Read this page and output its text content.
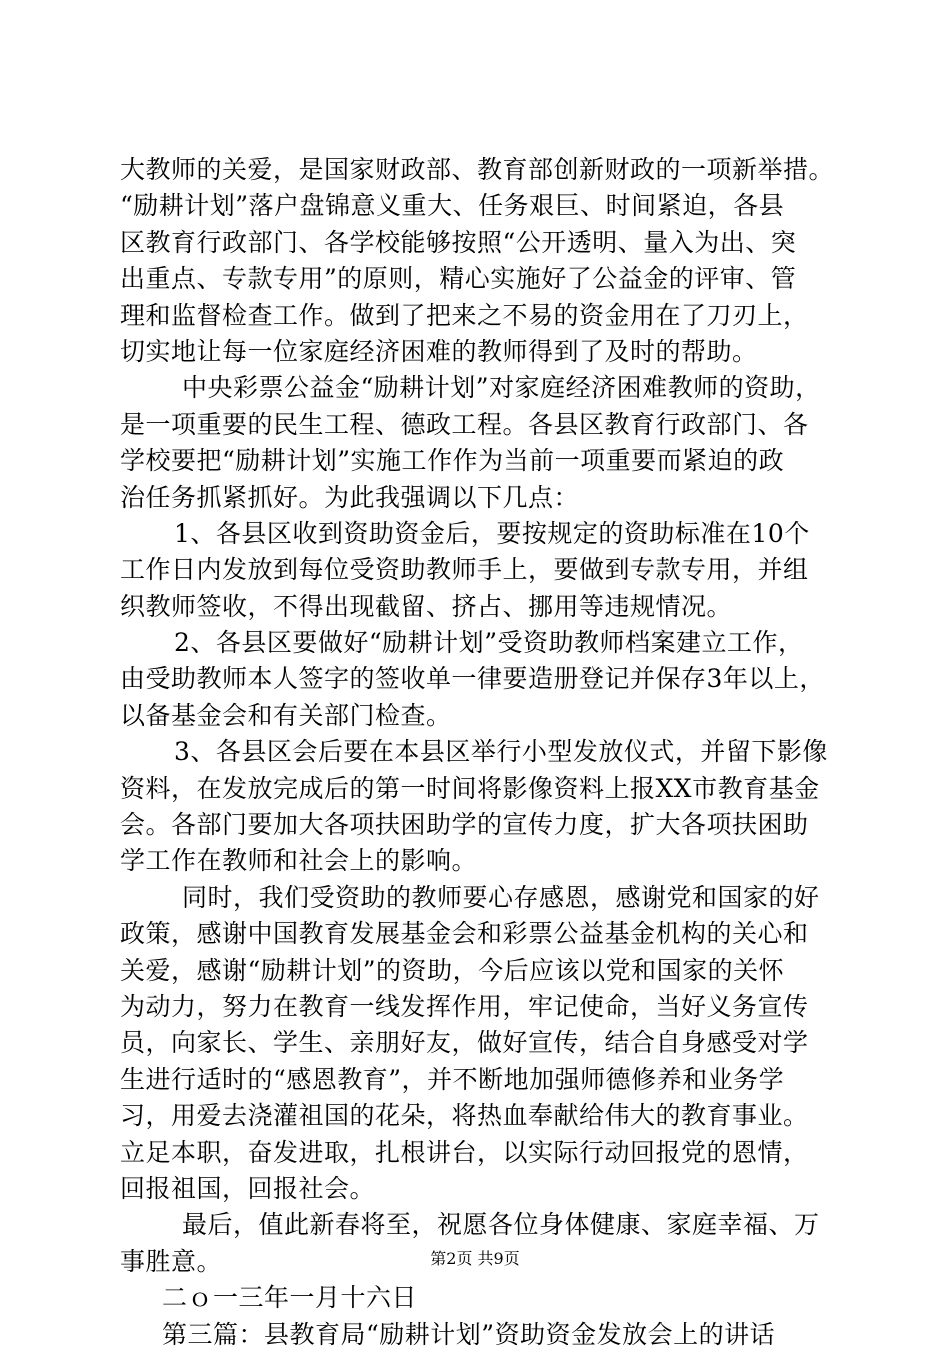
大教师的关爱，是国家财政部、教育部创新财政的一项新举措。
“励耕计划”落户盘锦意义重大、任务艰巨、时间紧迫，各县
区教育行政部门、各学校能够按照“公开透明、量入为出、突
出重点、专款专用”的原则，精心实施好了公益金的评审、管
理和监督检查工作。做到了把来之不易的资金用在了刀刃上，
切实地让每一位家庭经济困难的教师得到了及时的帮助。
中央彩票公益金“励耕计划”对家庭经济困难教师的资助，
是一项重要的民生工程、德政工程。各县区教育行政部门、各
学校要把“励耕计划”实施工作作为当前一项重要而紧迫的政
治任务抓紧抓好。为此我强调以下几点：
1、各县区收到资助资金后，要按规定的资助标准在10个
工作日内发放到每位受资助教师手上，要做到专款专用，并组
织教师签收，不得出现截留、挤占、挪用等违规情况。
2、各县区要做好“励耕计划”受资助教师档案建立工作，
由受助教师本人签字的签收单一律要造册登记并保存3年以上，
以备基金会和有关部门检查。
3、各县区会后要在本县区举行小型发放仪式，并留下影像
资料，在发放完成后的第一时间将影像资料上报XX市教育基金
会。各部门要加大各项扶困助学的宣传力度，扩大各项扶困助
学工作在教师和社会上的影响。
同时，我们受资助的教师要心存感恩，感谢党和国家的好
政策，感谢中国教育发展基金会和彩票公益基金机构的关心和
关爱，感谢“励耕计划”的资助，今后应该以党和国家的关怀
为动力，努力在教育一线发挥作用，牢记使命，当好义务宣传
员，向家长、学生、亲朋好友，做好宣传，结合自身感受对学
生进行适时的“感恩教育”，并不断地加强师德修养和业务学
习，用爱去浇灌祖国的花朵，将热血奉献给伟大的教育事业。
立足本职，奋发进取，扎根讲台，以实际行动回报党的恩情，
回报祖国，回报社会。
最后，值此新春将至，祝愿各位身体健康、家庭幸福、万
事胜意。
二ｏ一三年一月十六日
第三篇：县教育局“励耕计划”资助资金发放会上的讲话
第2页 共9页
